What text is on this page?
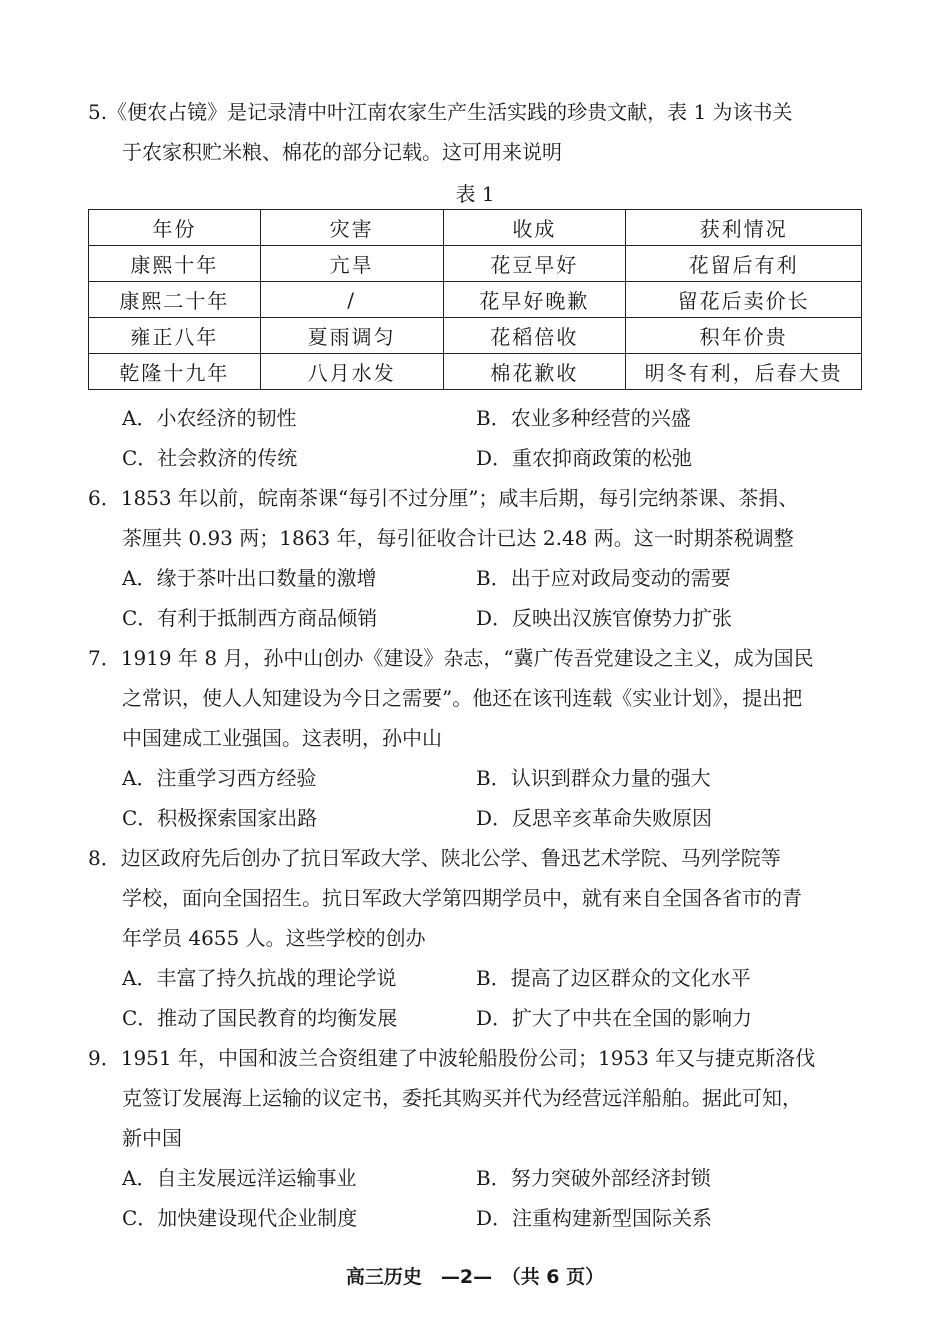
5.《便农占镜》是记录清中叶江南农家生产生活实践的珍贵文献，表 1 为该书关
于农家积贮米粮、棉花的部分记载。这可用来说明
表 1
年份	灾害	收成	获利情况
康熙十年	亢旱	花豆早好	花留后有利
康熙二十年	/	花早好晚歉	留花后卖价长
雍正八年	夏雨调匀	花稻倍收	积年价贵
乾隆十九年	八月水发	棉花歉收	明冬有利，后春大贵
A．小农经济的韧性	B．农业多种经营的兴盛
C．社会救济的传统	D．重农抑商政策的松弛
6．1853 年以前，皖南茶课“每引不过分厘”；咸丰后期，每引完纳茶课、茶捐、
茶厘共 0.93 两；1863 年，每引征收合计已达 2.48 两。这一时期茶税调整
A．缘于茶叶出口数量的激增	B．出于应对政局变动的需要
C．有利于抵制西方商品倾销	D．反映出汉族官僚势力扩张
7．1919 年 8 月，孙中山创办《建设》杂志，“冀广传吾党建设之主义，成为国民
之常识，使人人知建设为今日之需要”。他还在该刊连载《实业计划》，提出把
中国建成工业强国。这表明，孙中山
A．注重学习西方经验	B．认识到群众力量的强大
C．积极探索国家出路	D．反思辛亥革命失败原因
8．边区政府先后创办了抗日军政大学、陕北公学、鲁迅艺术学院、马列学院等
学校，面向全国招生。抗日军政大学第四期学员中，就有来自全国各省市的青
年学员 4655 人。这些学校的创办
A．丰富了持久抗战的理论学说	B．提高了边区群众的文化水平
C．推动了国民教育的均衡发展	D．扩大了中共在全国的影响力
9．1951 年，中国和波兰合资组建了中波轮船股份公司；1953 年又与捷克斯洛伐
克签订发展海上运输的议定书，委托其购买并代为经营远洋船舶。据此可知，
新中国
A．自主发展远洋运输事业	B．努力突破外部经济封锁
C．加快建设现代企业制度	D．注重构建新型国际关系
高三历史　—2—　（共 6 页）
